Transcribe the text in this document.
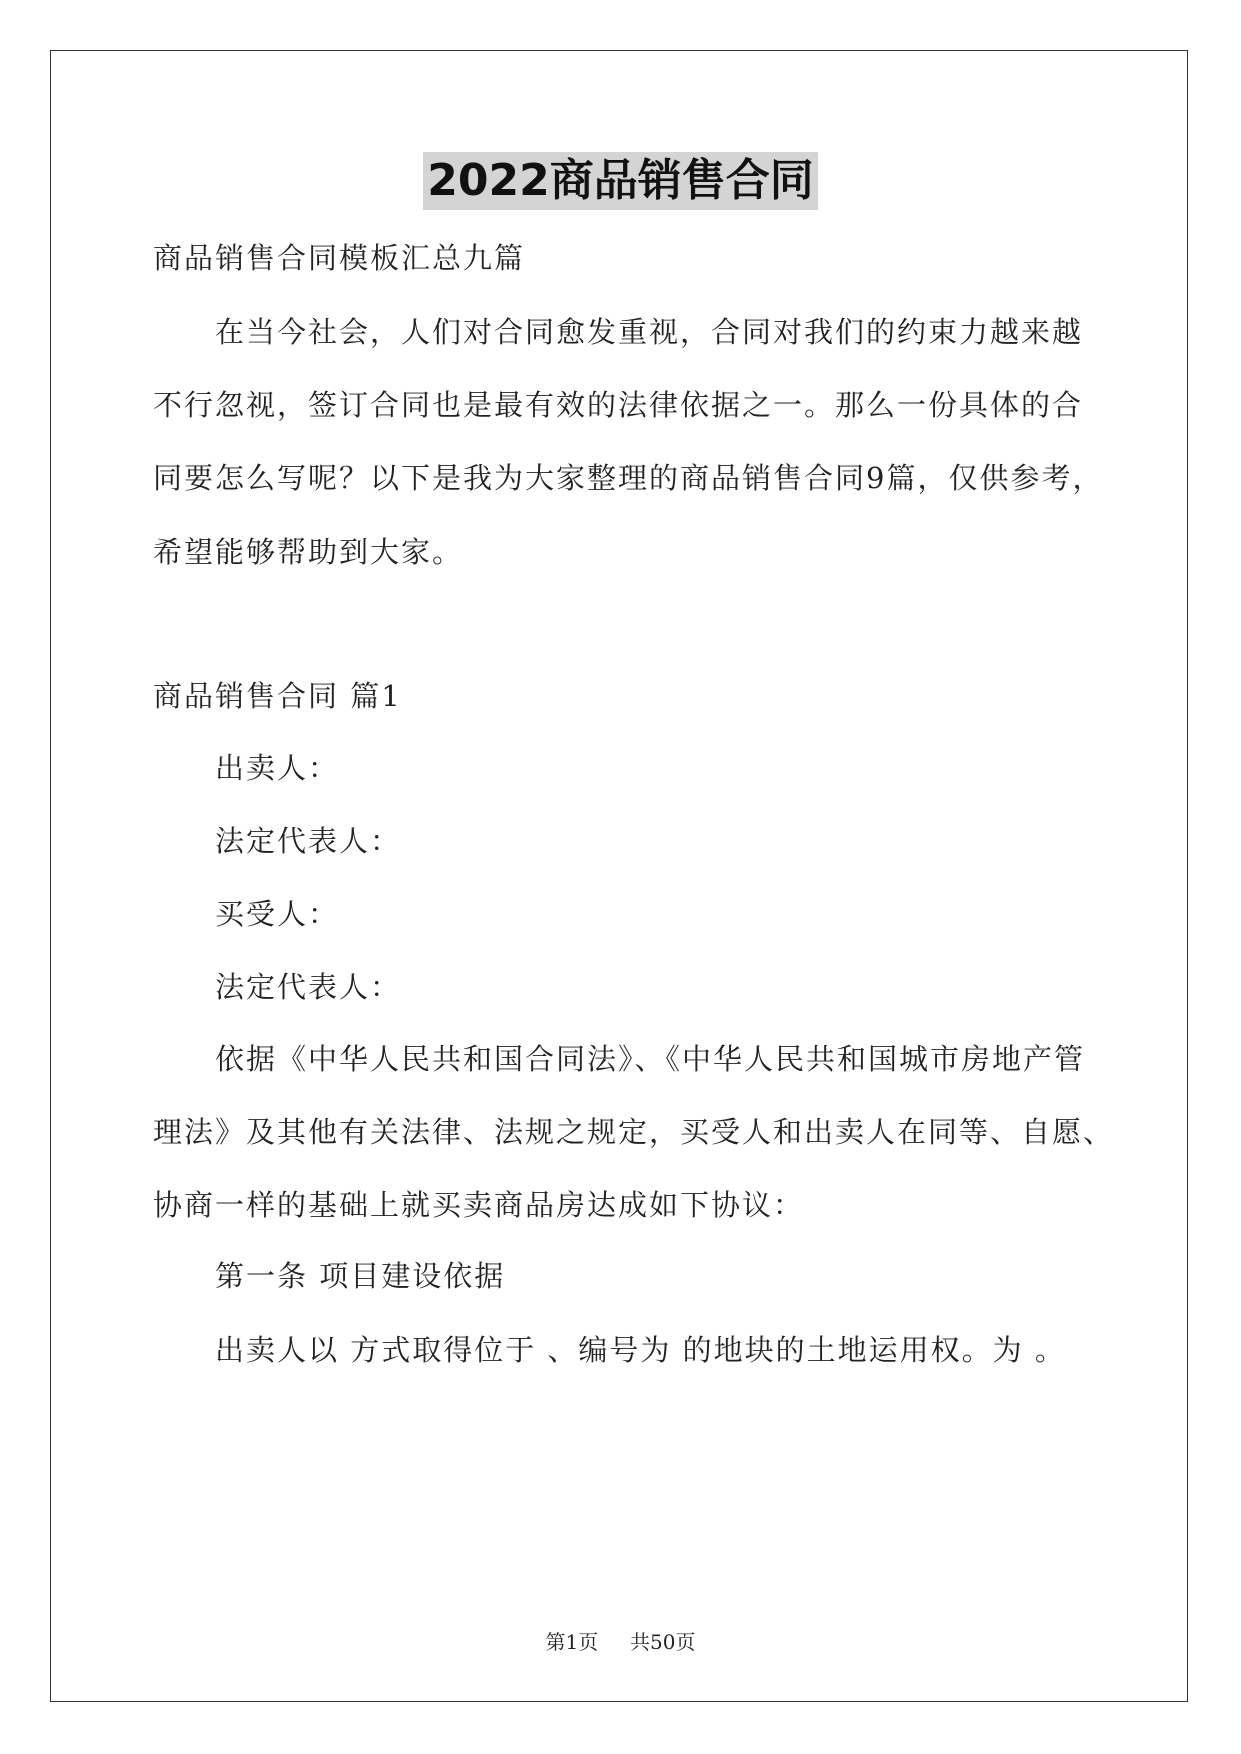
2022商品销售合同
商品销售合同模板汇总九篇
在当今社会，人们对合同愈发重视，合同对我们的约束力越来越
不行忽视，签订合同也是最有效的法律依据之一。那么一份具体的合
同要怎么写呢？以下是我为大家整理的商品销售合同9篇，仅供参考，
希望能够帮助到大家。
商品销售合同 篇1
出卖人：
法定代表人：
买受人：
法定代表人：
依据《中华人民共和国合同法》、《中华人民共和国城市房地产管
理法》及其他有关法律、法规之规定，买受人和出卖人在同等、自愿、
协商一样的基础上就买卖商品房达成如下协议：
第一条 项目建设依据
出卖人以 方式取得位于 、编号为 的地块的土地运用权。为 。
第1页 共50页
